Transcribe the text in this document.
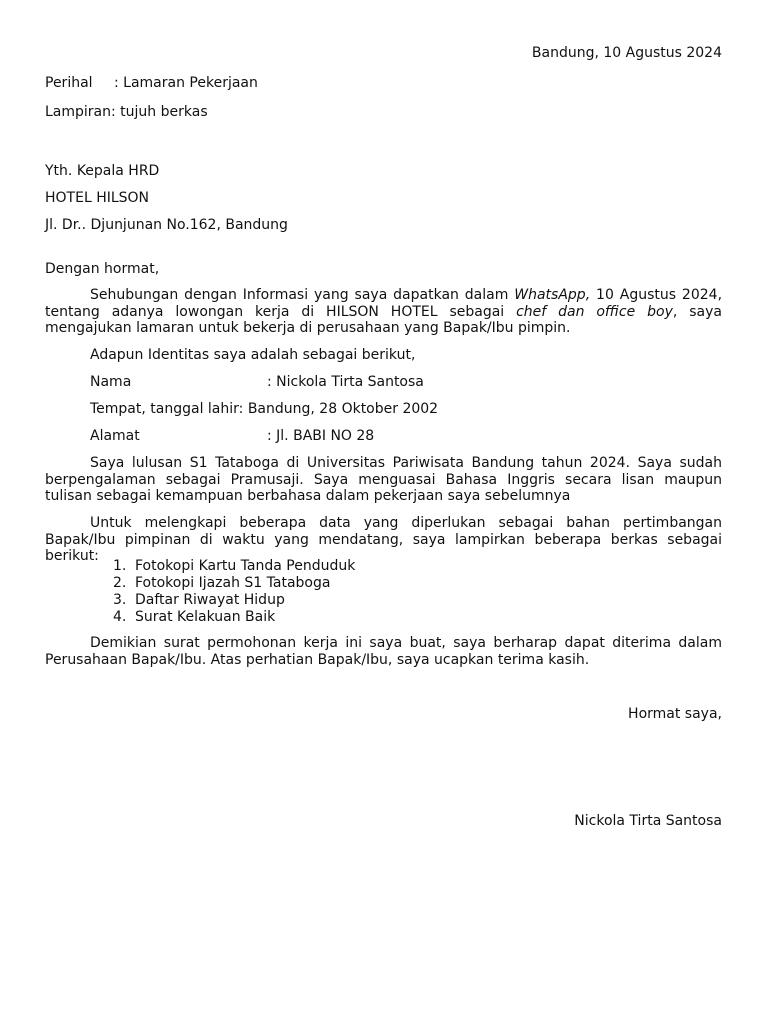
Bandung, 10 Agustus 2024

Perihal : Lamaran Pekerjaan

Lampiran: tujuh berkas

Yth. Kepala HRD

HOTEL HILSON

Jl. Dr.. Djunjunan No.162, Bandung

Dengan hormat,

Sehubungan dengan Informasi yang saya dapatkan dalam WhatsApp, 10 Agustus 2024, tentang adanya lowongan kerja di HILSON HOTEL sebagai chef dan office boy, saya mengajukan lamaran untuk bekerja di perusahaan yang Bapak/Ibu pimpin.

Adapun Identitas saya adalah sebagai berikut,

Nama	: Nickola Tirta Santosa

Tempat, tanggal lahir: Bandung, 28 Oktober 2002

Alamat	: Jl. BABI NO 28

Saya lulusan S1 Tataboga di Universitas Pariwisata Bandung tahun 2024. Saya sudah berpengalaman sebagai Pramusaji. Saya menguasai Bahasa Inggris secara lisan maupun tulisan sebagai kemampuan berbahasa dalam pekerjaan saya sebelumnya

Untuk melengkapi beberapa data yang diperlukan sebagai bahan pertimbangan Bapak/Ibu pimpinan di waktu yang mendatang, saya lampirkan beberapa berkas sebagai berikut:

1. Fotokopi Kartu Tanda Penduduk
2. Fotokopi Ijazah S1 Tataboga
3. Daftar Riwayat Hidup
4. Surat Kelakuan Baik

Demikian surat permohonan kerja ini saya buat, saya berharap dapat diterima dalam Perusahaan Bapak/Ibu. Atas perhatian Bapak/Ibu, saya ucapkan terima kasih.

Hormat saya,

Nickola Tirta Santosa
